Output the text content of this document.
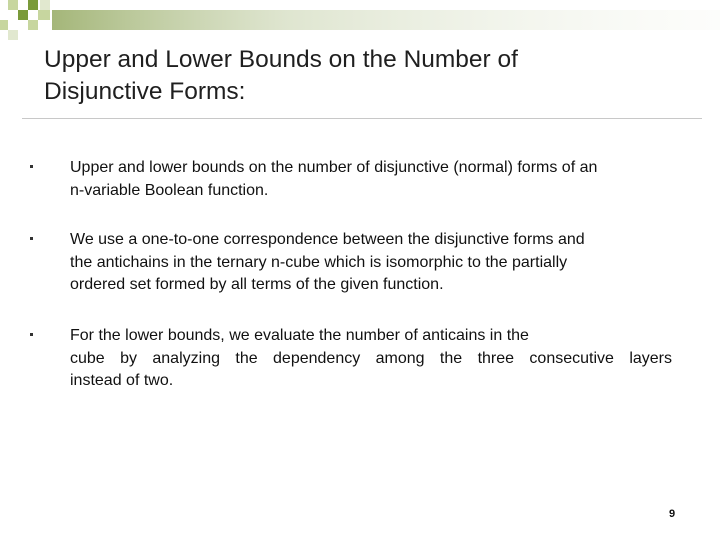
Upper and Lower Bounds on the Number of
Disjunctive Forms:
Upper and lower bounds on the number of disjunctive (normal) forms of an
n-variable Boolean function.
We use a one-to-one correspondence between the disjunctive forms and
the antichains in the ternary n-cube which is isomorphic to the partially
ordered set formed by all terms of the given function.
For the lower bounds, we evaluate the number of anticains in the
cube by analyzing the dependency among the three consecutive layers
instead of two.
9
